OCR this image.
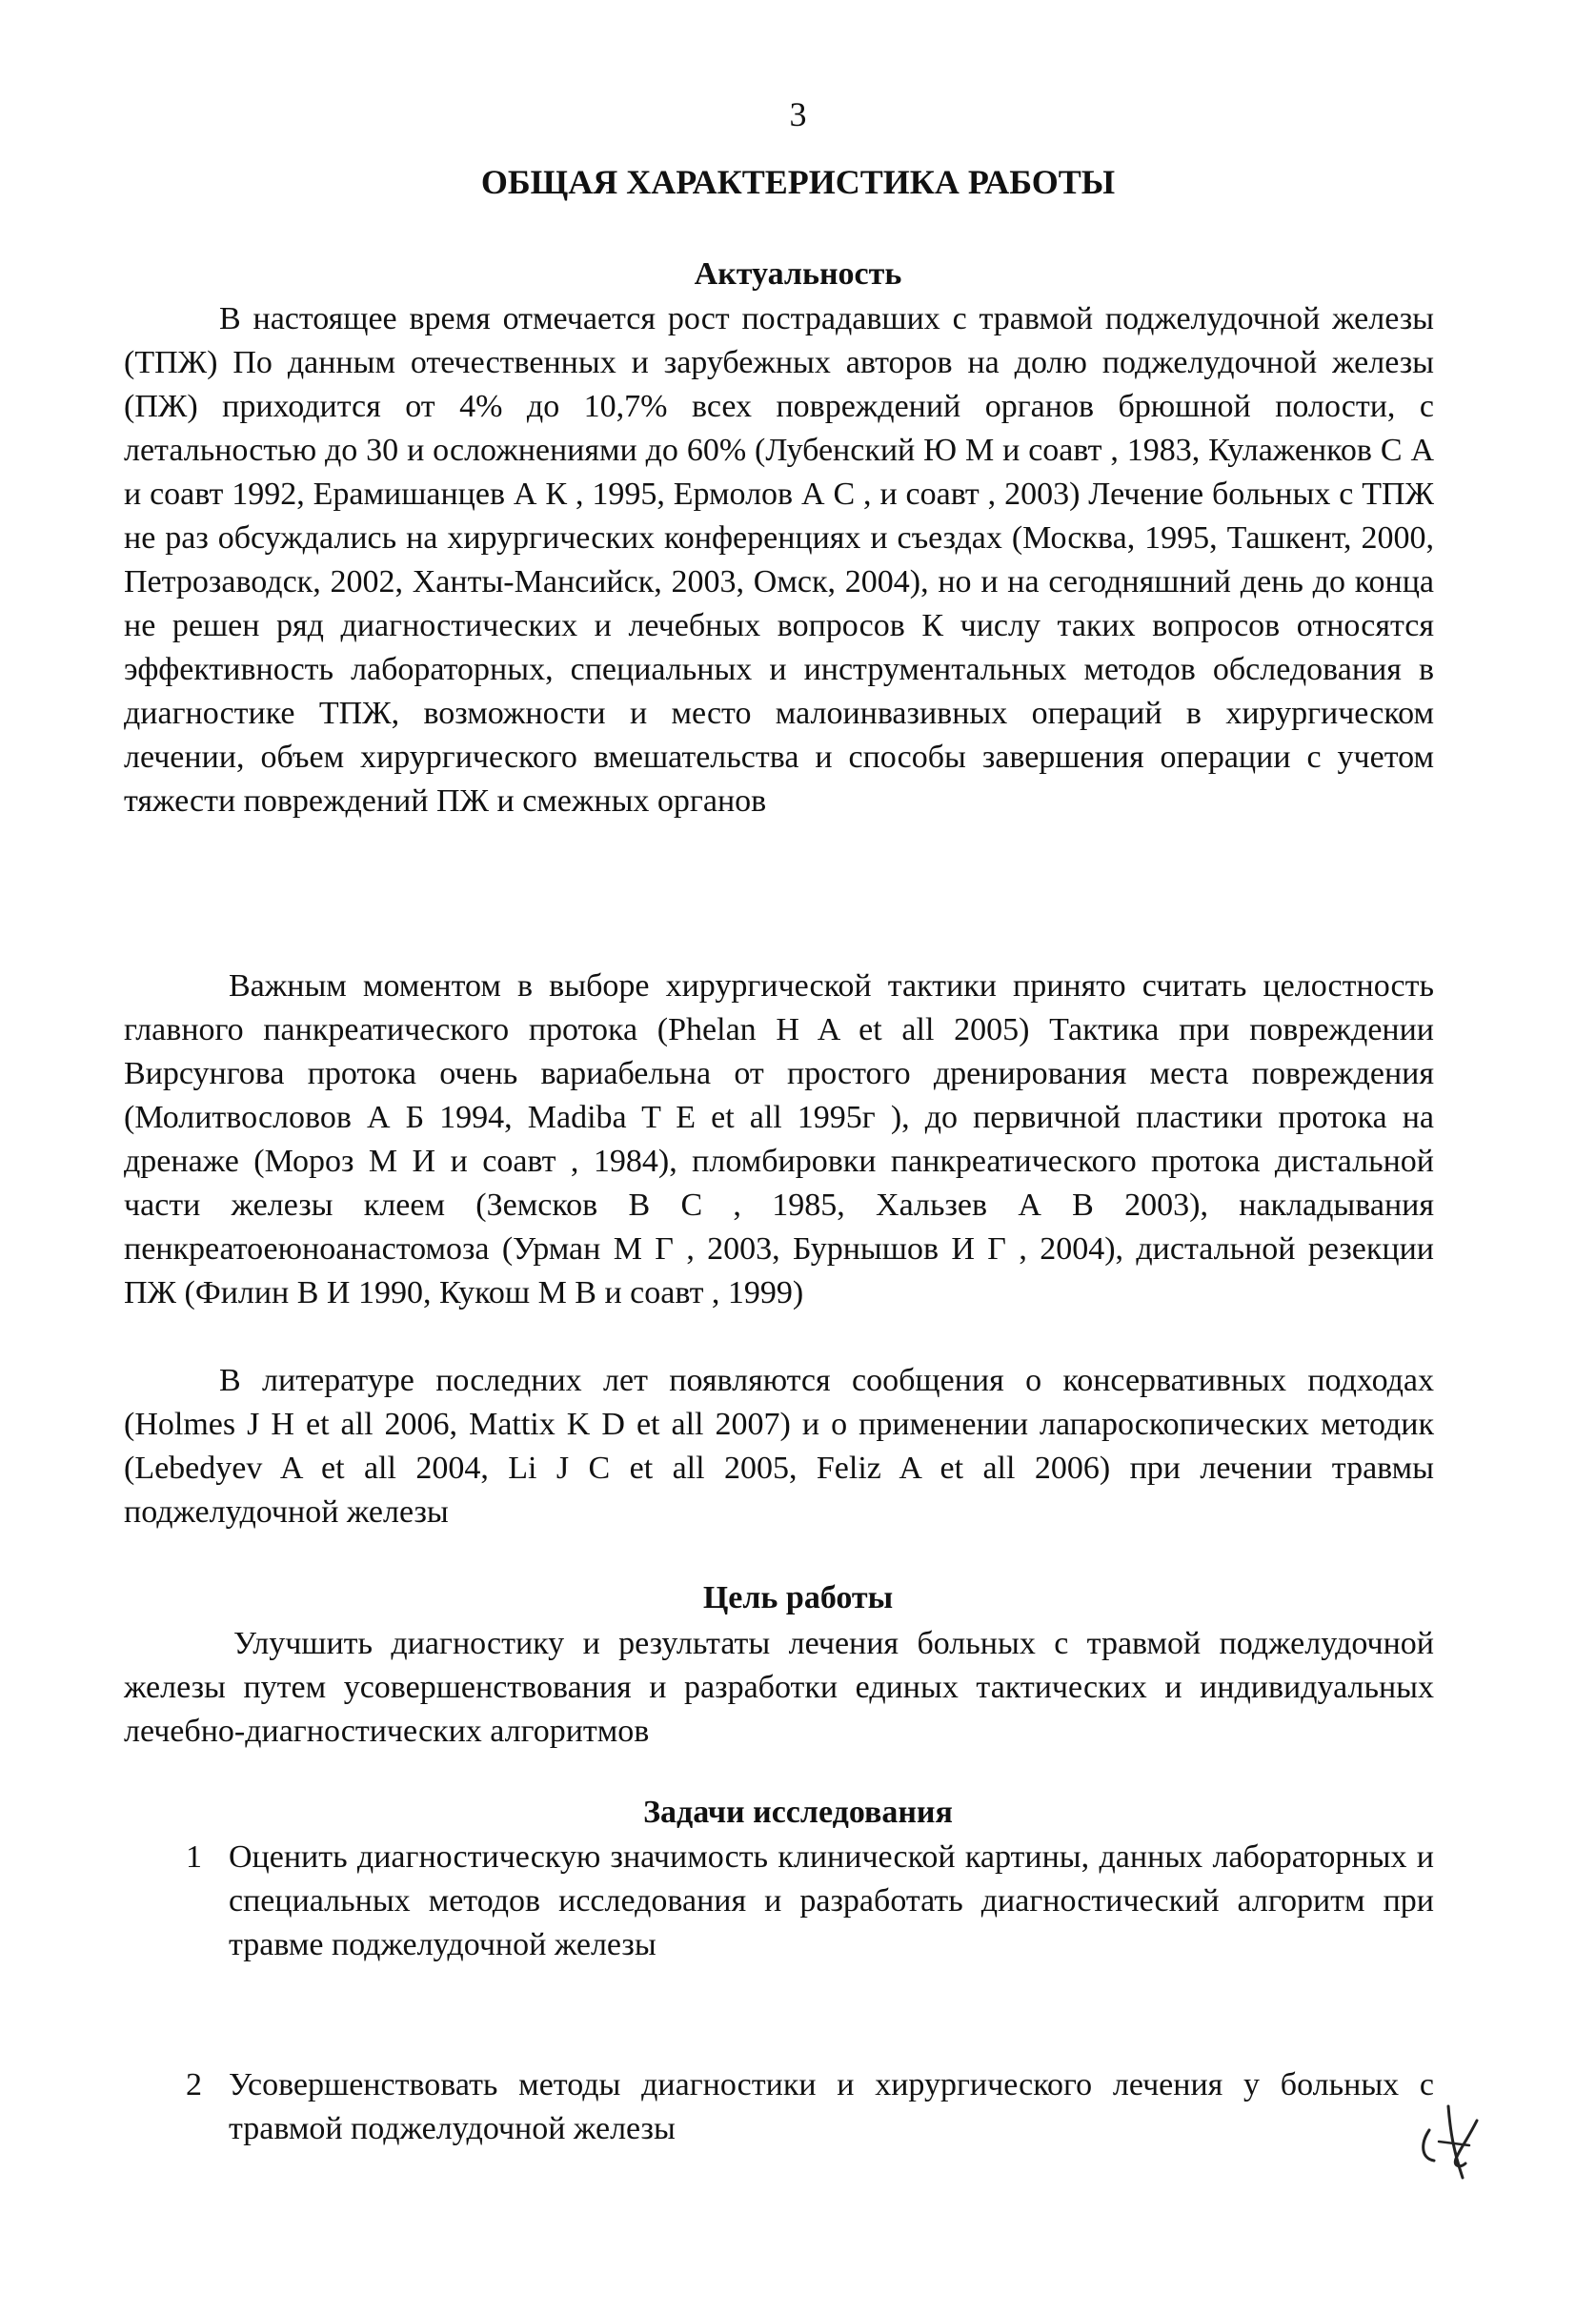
3
ОБЩАЯ ХАРАКТЕРИСТИКА РАБОТЫ
Актуальность

В настоящее время отмечается рост пострадавших с травмой поджелудочной железы (ТПЖ) По данным отечественных и зарубежных авторов на долю поджелудочной железы (ПЖ) приходится от 4% до 10,7% всех повреждений органов брюшной полости, с летальностью до 30 и осложнениями до 60% (Лубенский Ю М и соавт , 1983, Кулаженков С А и соавт 1992, Ерамишанцев А К , 1995, Ермолов А С , и соавт , 2003) Лечение больных с ТПЖ не раз обсуждались на хирургических конференциях и съездах (Москва, 1995, Ташкент, 2000, Петрозаводск, 2002, Ханты-Мансийск, 2003, Омск, 2004), но и на сегодняшний день до конца не решен ряд диагностических и лечебных вопросов К числу таких вопросов относятся эффективность лабораторных, специальных и инструментальных методов обследования в диагностике ТПЖ, возможности и место малоинвазивных операций в хирургическом лечении, объем хирургического вмешательства и способы завершения операции с учетом тяжести повреждений ПЖ и смежных органов

Важным моментом в выборе хирургической тактики принято считать целостность главного панкреатического протока (Phelan H A et all 2005) Тактика при повреждении Вирсунгова протока очень вариабельна от простого дренирования места повреждения (Молитвословов А Б 1994, Madiba T E et all 1995г ), до первичной пластики протока на дренаже (Мороз М И и соавт , 1984), пломбировки панкреатического протока дистальной части железы клеем (Земсков В С , 1985, Хальзев А В 2003), накладывания пенкреатоеюноанастомоза (Урман М Г , 2003, Бурнышов И Г , 2004), дистальной резекции ПЖ (Филин В И 1990, Кукош М В и соавт , 1999)

В литературе последних лет появляются сообщения о консервативных подходах (Holmes J H et all 2006, Mattix K D et all 2007) и о применении лапароскопических методик (Lebedyev A et all 2004, Li J C et all 2005, Feliz A et all 2006) при лечении травмы поджелудочной железы

Цель работы

Улучшить диагностику и результаты лечения больных с травмой поджелудочной железы путем усовершенствования и разработки единых тактических и индивидуальных лечебно-диагностических алгоритмов

Задачи исследования
1 Оценить диагностическую значимость клинической картины, данных лабораторных и специальных методов исследования и разработать диагностический алгоритм при травме поджелудочной железы
2 Усовершенствовать методы диагностики и хирургического лечения у больных с травмой поджелудочной железы
